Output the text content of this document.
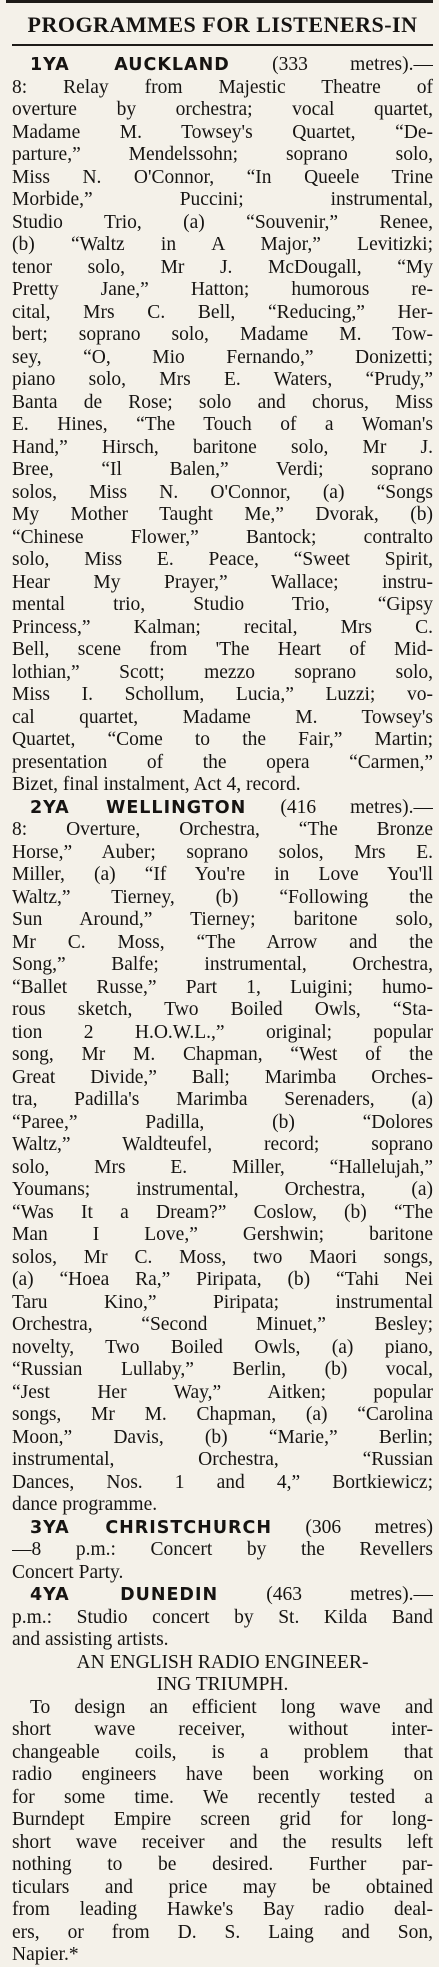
PROGRAMMES FOR LISTENERS-IN
1YA AUCKLAND (333 metres).—
8: Relay from Majestic Theatre of
overture by orchestra; vocal quartet,
Madame M. Towsey's Quartet, “De-
parture,” Mendelssohn; soprano solo,
Miss N. O'Connor, “In Queele Trine
Morbide,” Puccini; instrumental,
Studio Trio, (a) “Souvenir,” Renee,
(b) “Waltz in A Major,” Levitizki;
tenor solo, Mr J. McDougall, “My
Pretty Jane,” Hatton; humorous re-
cital, Mrs C. Bell, “Reducing,” Her-
bert; soprano solo, Madame M. Tow-
sey, “O, Mio Fernando,” Donizetti;
piano solo, Mrs E. Waters, “Prudy,”
Banta de Rose; solo and chorus, Miss
E. Hines, “The Touch of a Woman's
Hand,” Hirsch, baritone solo, Mr J.
Bree, “Il Balen,” Verdi; soprano
solos, Miss N. O'Connor, (a) “Songs
My Mother Taught Me,” Dvorak, (b)
“Chinese Flower,” Bantock; contralto
solo, Miss E. Peace, “Sweet Spirit,
Hear My Prayer,” Wallace; instru-
mental trio, Studio Trio, “Gipsy
Princess,” Kalman; recital, Mrs C.
Bell, scene from 'The Heart of Mid-
lothian,” Scott; mezzo soprano solo,
Miss I. Schollum, Lucia,” Luzzi; vo-
cal quartet, Madame M. Towsey's
Quartet, “Come to the Fair,” Martin;
presentation of the opera “Carmen,”
Bizet, final instalment, Act 4, record.
2YA WELLINGTON (416 metres).—
8: Overture, Orchestra, “The Bronze
Horse,” Auber; soprano solos, Mrs E.
Miller, (a) “If You're in Love You'll
Waltz,” Tierney, (b) “Following the
Sun Around,” Tierney; baritone solo,
Mr C. Moss, “The Arrow and the
Song,” Balfe; instrumental, Orchestra,
“Ballet Russe,” Part 1, Luigini; humo-
rous sketch, Two Boiled Owls, “Sta-
tion 2 H.O.W.L.,” original; popular
song, Mr M. Chapman, “West of the
Great Divide,” Ball; Marimba Orches-
tra, Padilla's Marimba Serenaders, (a)
“Paree,” Padilla, (b) “Dolores
Waltz,” Waldteufel, record; soprano
solo, Mrs E. Miller, “Hallelujah,”
Youmans; instrumental, Orchestra, (a)
“Was It a Dream?” Coslow, (b) “The
Man I Love,” Gershwin; baritone
solos, Mr C. Moss, two Maori songs,
(a) “Hoea Ra,” Piripata, (b) “Tahi Nei
Taru Kino,” Piripata; instrumental
Orchestra, “Second Minuet,” Besley;
novelty, Two Boiled Owls, (a) piano,
“Russian Lullaby,” Berlin, (b) vocal,
“Jest Her Way,” Aitken; popular
songs, Mr M. Chapman, (a) “Carolina
Moon,” Davis, (b) “Marie,” Berlin;
instrumental, Orchestra, “Russian
Dances, Nos. 1 and 4,” Bortkiewicz;
dance programme.
3YA CHRISTCHURCH (306 metres)
—8 p.m.: Concert by the Revellers
Concert Party.
4YA DUNEDIN (463 metres).—
p.m.: Studio concert by St. Kilda Band
and assisting artists.
AN ENGLISH RADIO ENGINEER-
ING TRIUMPH.
To design an efficient long wave and
short wave receiver, without inter-
changeable coils, is a problem that
radio engineers have been working on
for some time. We recently tested a
Burndept Empire screen grid for long-
short wave receiver and the results left
nothing to be desired. Further par-
ticulars and price may be obtained
from leading Hawke's Bay radio deal-
ers, or from D. S. Laing and Son,
Napier.*
